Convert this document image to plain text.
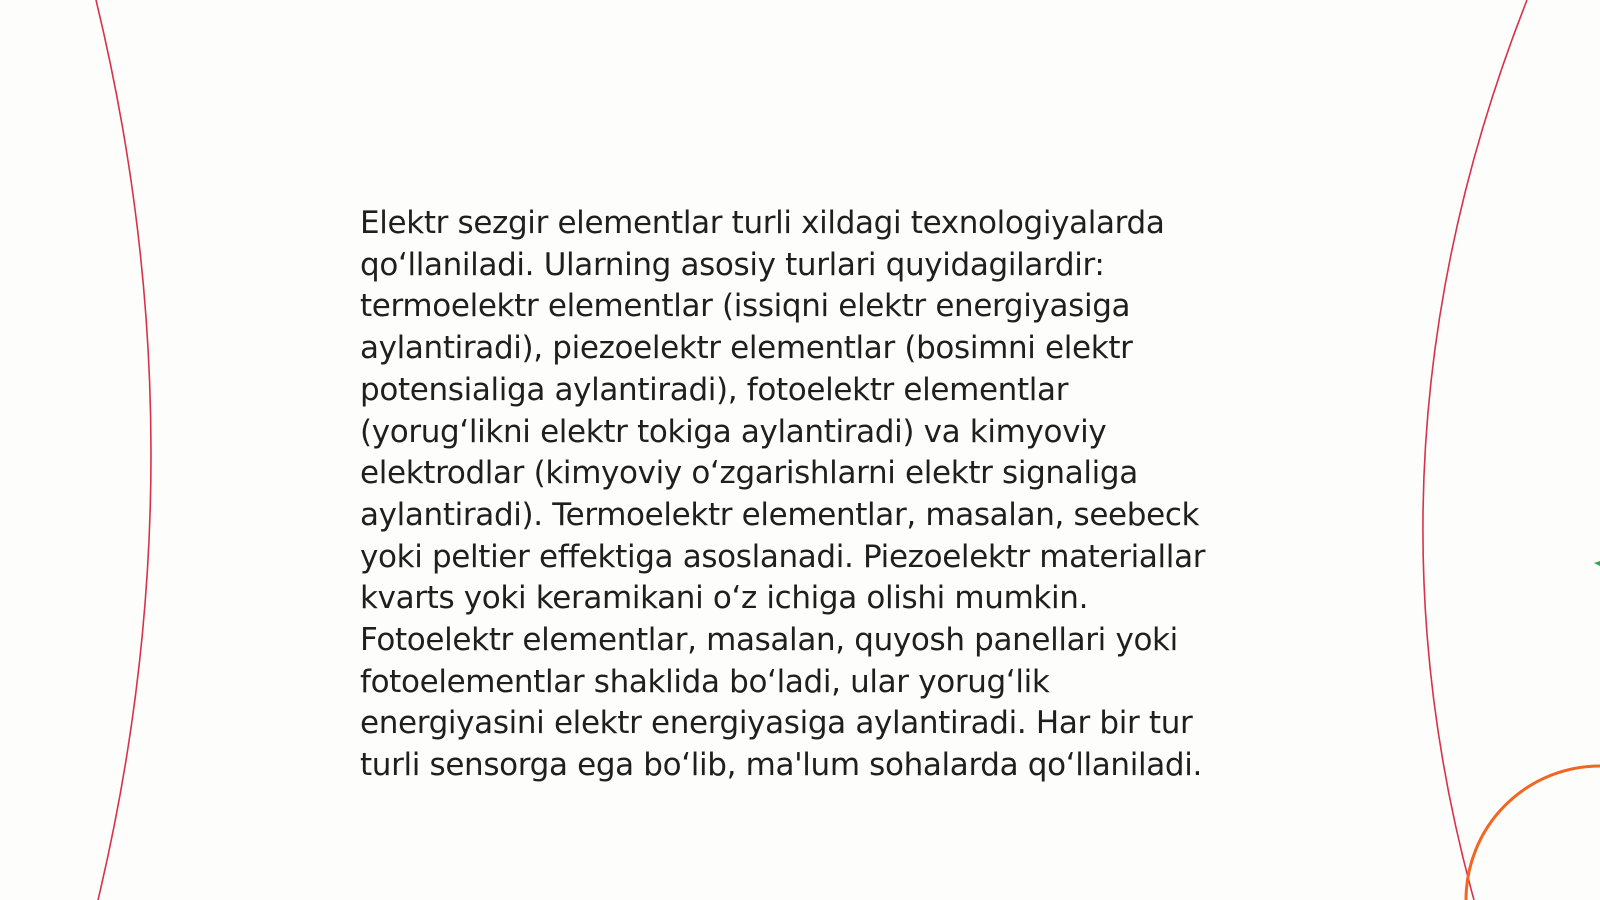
Elektr sezgir elementlar turli xildagi texnologiyalarda qo‘llaniladi. Ularning asosiy turlari quyidagilardir: termoelektr elementlar (issiqni elektr energiyasiga aylantiradi), piezoelektr elementlar (bosimni elektr potensialiga aylantiradi), fotoelektr elementlar (yorug‘likni elektr tokiga aylantiradi) va kimyoviy elektrodlar (kimyoviy o‘zgarishlarni elektr signaliga aylantiradi). Termoelektr elementlar, masalan, seebeck yoki peltier effektiga asoslanadi. Piezoelektr materiallar kvarts yoki keramikani o‘z ichiga olishi mumkin. Fotoelektr elementlar, masalan, quyosh panellari yoki fotoelementlar shaklida bo‘ladi, ular yorug‘lik energiyasini elektr energiyasiga aylantiradi. Har bir tur turli sensorga ega bo‘lib, ma'lum sohalarda qo‘llaniladi.
